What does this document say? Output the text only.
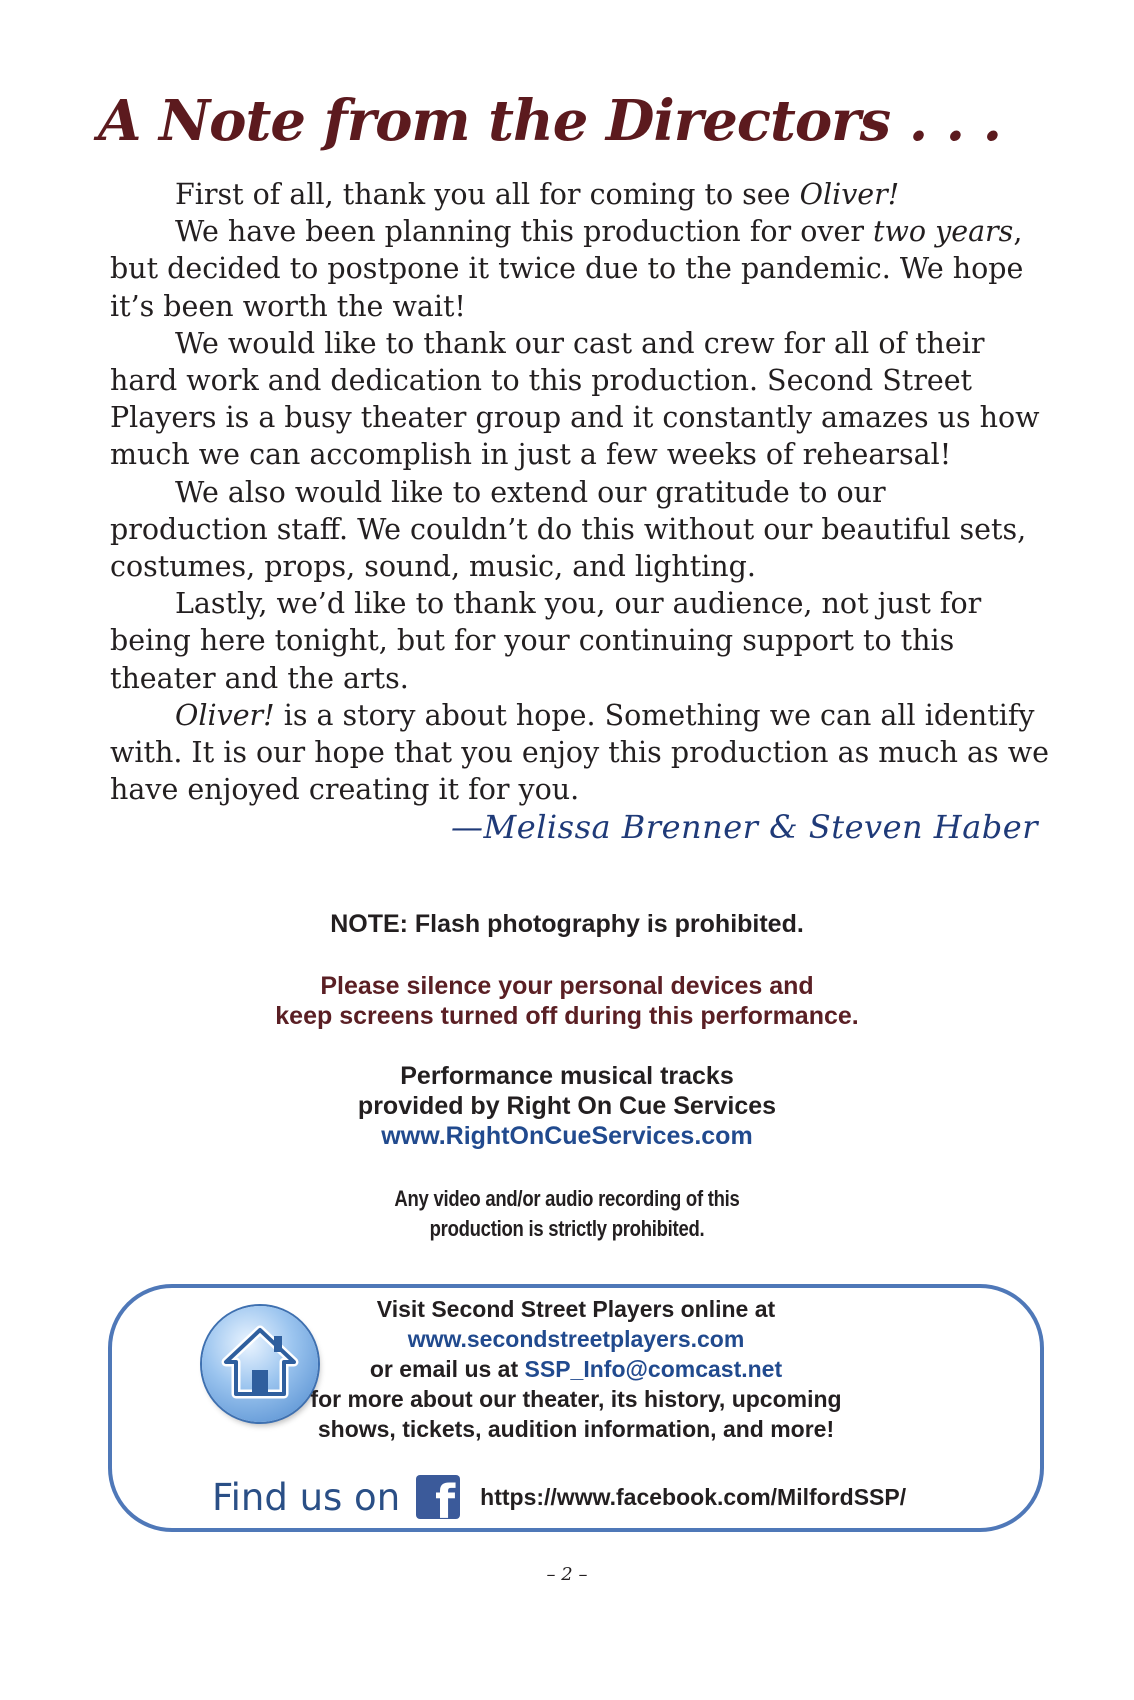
A Note from the Directors . . .

First of all, thank you all for coming to see Oliver!

We have been planning this production for over two years, but decided to postpone it twice due to the pandemic. We hope it’s been worth the wait!

We would like to thank our cast and crew for all of their hard work and dedication to this production. Second Street Players is a busy theater group and it constantly amazes us how much we can accomplish in just a few weeks of rehearsal!

We also would like to extend our gratitude to our production staff. We couldn’t do this without our beautiful sets, costumes, props, sound, music, and lighting.

Lastly, we’d like to thank you, our audience, not just for being here tonight, but for your continuing support to this theater and the arts.

Oliver! is a story about hope. Something we can all identify with. It is our hope that you enjoy this production as much as we have enjoyed creating it for you.

—Melissa Brenner & Steven Haber
NOTE: Flash photography is prohibited.
Please silence your personal devices and
keep screens turned off during this performance.
Performance musical tracks
provided by Right On Cue Services
www.RightOnCueServices.com
Any video and/or audio recording of this
production is strictly prohibited.
Visit Second Street Players online at
www.secondstreetplayers.com
or email us at SSP_Info@comcast.net
for more about our theater, its history, upcoming
shows, tickets, audition information, and more!
Find us on f https://www.facebook.com/MilfordSSP/
– 2 –
